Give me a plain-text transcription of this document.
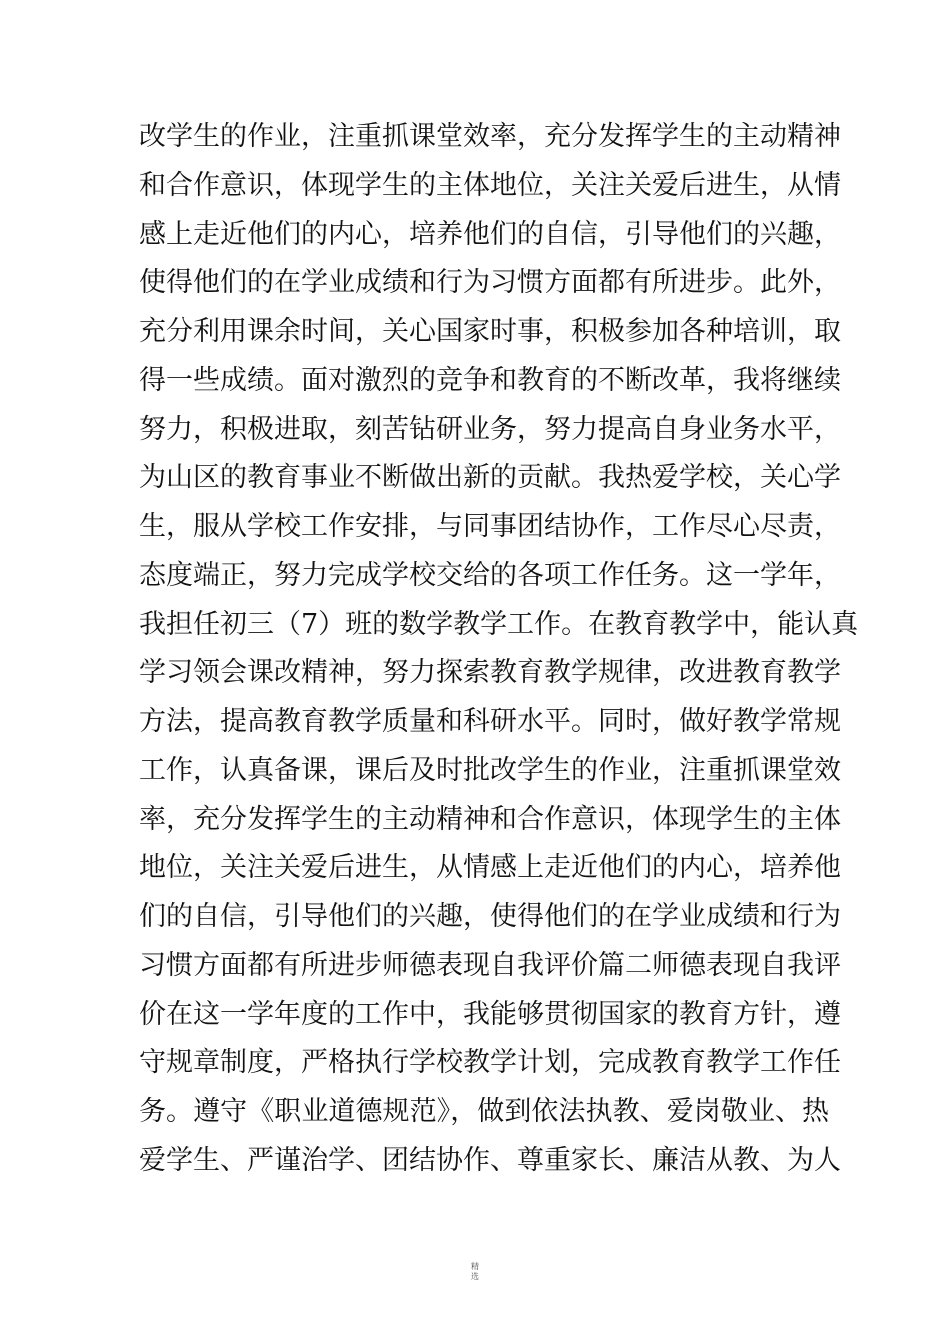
改学生的作业，注重抓课堂效率，充分发挥学生的主动精神
和合作意识，体现学生的主体地位，关注关爱后进生，从情
感上走近他们的内心，培养他们的自信，引导他们的兴趣，
使得他们的在学业成绩和行为习惯方面都有所进步。此外，
充分利用课余时间，关心国家时事，积极参加各种培训，取
得一些成绩。面对激烈的竞争和教育的不断改革，我将继续
努力，积极进取，刻苦钻研业务，努力提高自身业务水平，
为山区的教育事业不断做出新的贡献。我热爱学校，关心学
生，服从学校工作安排，与同事团结协作，工作尽心尽责，
态度端正，努力完成学校交给的各项工作任务。这一学年，
我担任初三（7）班的数学教学工作。在教育教学中，能认真
学习领会课改精神，努力探索教育教学规律，改进教育教学
方法，提高教育教学质量和科研水平。同时，做好教学常规
工作，认真备课，课后及时批改学生的作业，注重抓课堂效
率，充分发挥学生的主动精神和合作意识，体现学生的主体
地位，关注关爱后进生，从情感上走近他们的内心，培养他
们的自信，引导他们的兴趣，使得他们的在学业成绩和行为
习惯方面都有所进步师德表现自我评价篇二师德表现自我评
价在这一学年度的工作中，我能够贯彻国家的教育方针，遵
守规章制度，严格执行学校教学计划，完成教育教学工作任
务。遵守《职业道德规范》，做到依法执教、爱岗敬业、热
爱学生、严谨治学、团结协作、尊重家长、廉洁从教、为人
精
选
